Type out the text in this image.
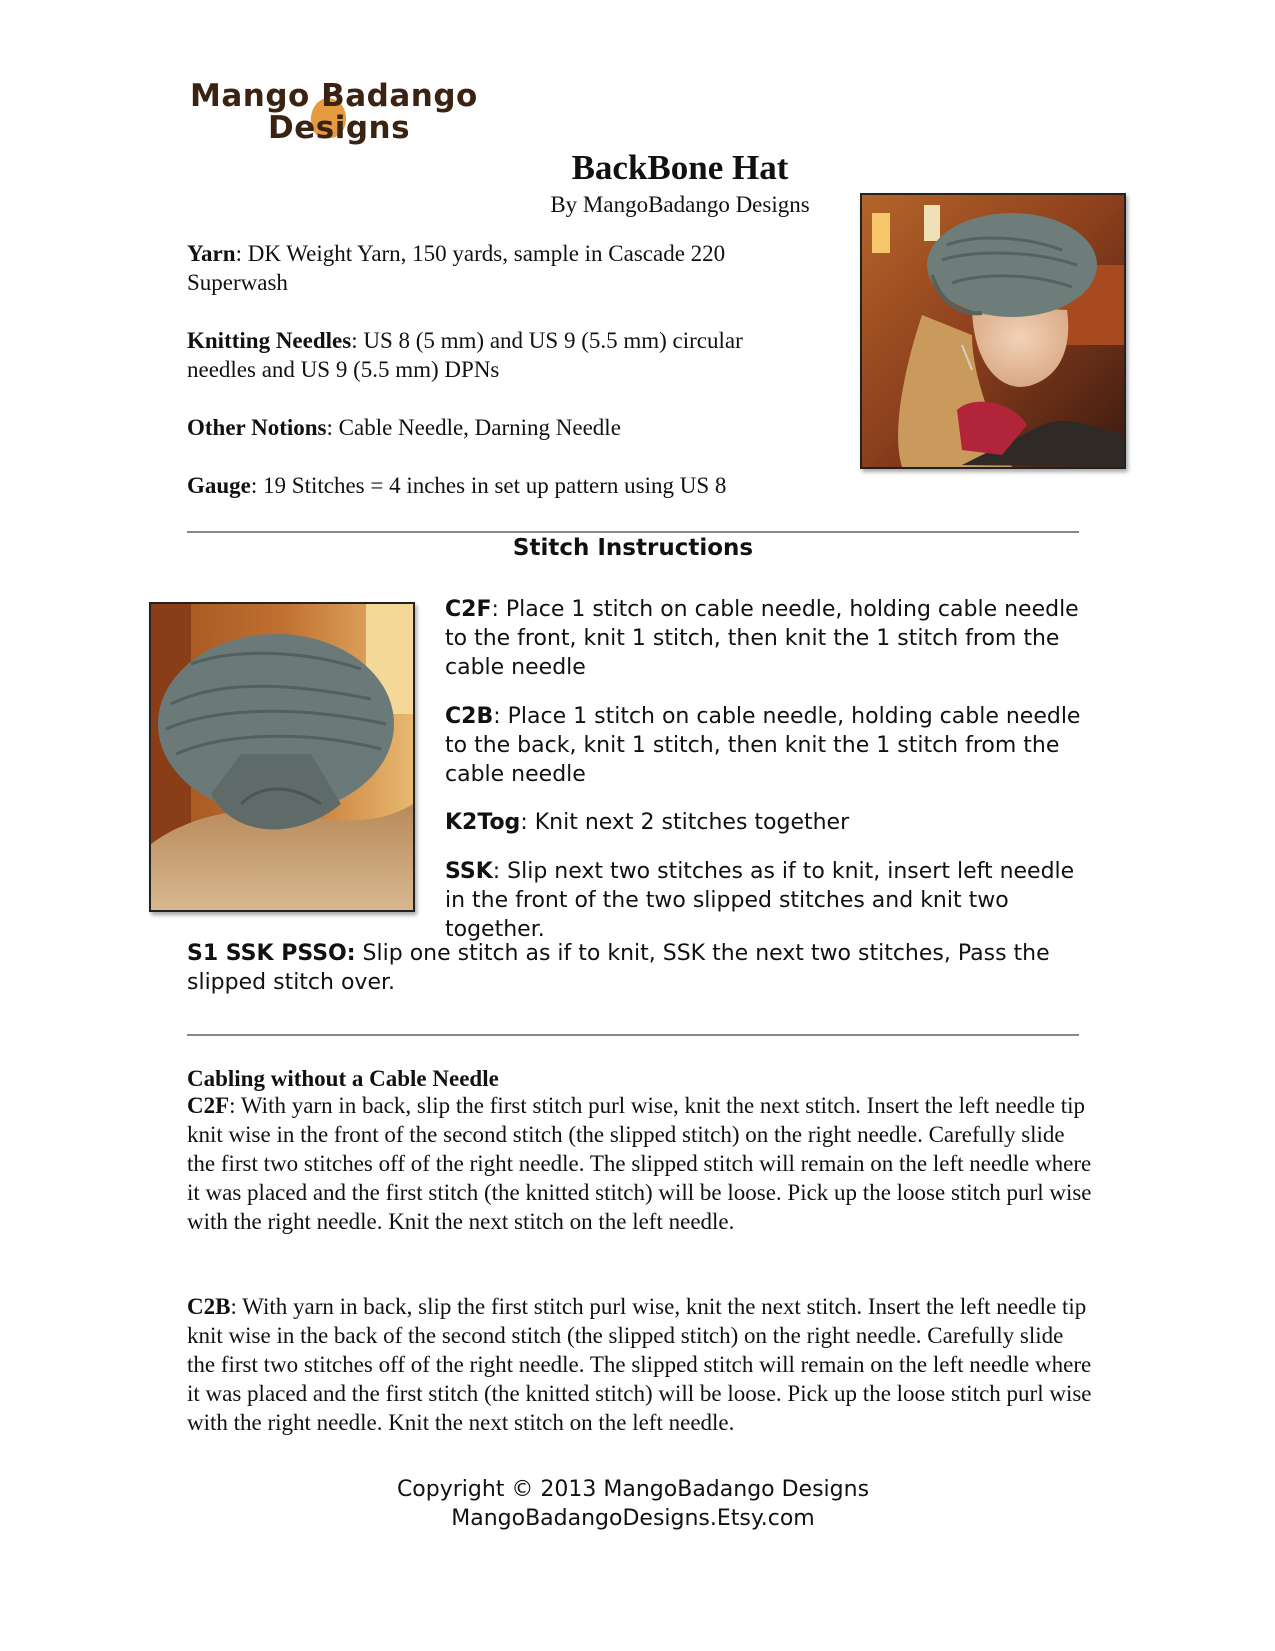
Mango Badango
Designs
BackBone Hat
By MangoBadango Designs
Yarn: DK Weight Yarn, 150 yards, sample in Cascade 220 Superwash
Knitting Needles: US 8 (5 mm) and US 9 (5.5 mm) circular needles and US 9 (5.5 mm) DPNs
Other Notions: Cable Needle, Darning Needle
Gauge: 19 Stitches = 4 inches in set up pattern using US 8
Stitch Instructions
C2F: Place 1 stitch on cable needle, holding cable needle to the front, knit 1 stitch, then knit the 1 stitch from the cable needle
C2B: Place 1 stitch on cable needle, holding cable needle to the back, knit 1 stitch, then knit the 1 stitch from the cable needle
K2Tog: Knit next 2 stitches together
SSK: Slip next two stitches as if to knit, insert left needle in the front of the two slipped stitches and knit two together.
S1 SSK PSSO: Slip one stitch as if to knit, SSK the next two stitches, Pass the slipped stitch over.
Cabling without a Cable Needle
C2F: With yarn in back, slip the first stitch purl wise, knit the next stitch. Insert the left needle tip knit wise in the front of the second stitch (the slipped stitch) on the right needle. Carefully slide the first two stitches off of the right needle. The slipped stitch will remain on the left needle where it was placed and the first stitch (the knitted stitch) will be loose. Pick up the loose stitch purl wise with the right needle. Knit the next stitch on the left needle.
C2B: With yarn in back, slip the first stitch purl wise, knit the next stitch. Insert the left needle tip knit wise in the back of the second stitch (the slipped stitch) on the right needle. Carefully slide the first two stitches off of the right needle. The slipped stitch will remain on the left needle where it was placed and the first stitch (the knitted stitch) will be loose. Pick up the loose stitch purl wise with the right needle. Knit the next stitch on the left needle.
Copyright © 2013 MangoBadango Designs
MangoBadangoDesigns.Etsy.com
